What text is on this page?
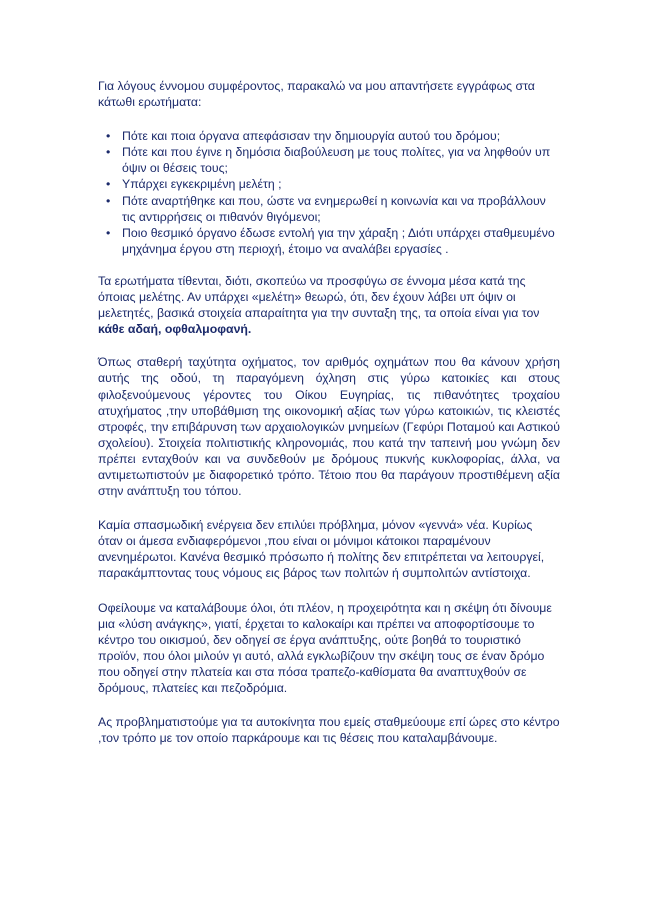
Για λόγους έννομου συμφέροντος, παρακαλώ να μου απαντήσετε εγγράφως στα κάτωθι ερωτήματα:

• Πότε και ποια όργανα απεφάσισαν την δημιουργία αυτού του δρόμου;
• Πότε και που έγινε η δημόσια διαβούλευση με τους πολίτες, για να ληφθούν υπ όψιν οι θέσεις τους;
• Υπάρχει εγκεκριμένη μελέτη ;
• Πότε αναρτήθηκε και που, ώστε να ενημερωθεί η κοινωνία και να προβάλλουν τις αντιρρήσεις οι πιθανόν θιγόμενοι;
• Ποιο θεσμικό όργανο έδωσε εντολή για την χάραξη ; Διότι υπάρχει σταθμευμένο μηχάνημα έργου στη περιοχή, έτοιμο να αναλάβει εργασίες .

Τα ερωτήματα τίθενται, διότι, σκοπεύω να προσφύγω σε έννομα μέσα κατά της όποιας μελέτης. Αν υπάρχει «μελέτη» θεωρώ, ότι, δεν έχουν λάβει υπ όψιν οι μελετητές, βασικά στοιχεία απαραίτητα για την συνταξη της, τα οποία είναι για τον κάθε αδαή, οφθαλμοφανή.

Όπως σταθερή ταχύτητα οχήματος, τον αριθμός οχημάτων που θα κάνουν χρήση αυτής της οδού, τη παραγόμενη όχληση στις γύρω κατοικίες και στους φιλοξενούμενους γέροντες του Οίκου Ευγηρίας, τις πιθανότητες τροχαίου ατυχήματος ,την υποβάθμιση της οικονομική αξίας των γύρω κατοικιών, τις κλειστές στροφές, την επιβάρυνση των αρχαιολογικών μνημείων (Γεφύρι Ποταμού και Αστικού σχολείου). Στοιχεία πολιτιστικής κληρονομιάς, που κατά την ταπεινή μου γνώμη δεν πρέπει ενταχθούν και να συνδεθούν με δρόμους πυκνής κυκλοφορίας, άλλα, να αντιμετωπιστούν με διαφορετικό τρόπο. Τέτοιο που θα παράγουν προστιθέμενη αξία στην ανάπτυξη του τόπου.

Καμία σπασμωδική ενέργεια δεν επιλύει πρόβλημα, μόνον «γεννά» νέα. Κυρίως όταν οι άμεσα ενδιαφερόμενοι ,που είναι οι μόνιμοι κάτοικοι παραμένουν ανενημέρωτοι. Κανένα θεσμικό πρόσωπο ή πολίτης δεν επιτρέπεται να λειτουργεί, παρακάμπτοντας τους νόμους εις βάρος των πολιτών ή συμπολιτών αντίστοιχα.

Οφείλουμε να καταλάβουμε όλοι, ότι πλέον, η προχειρότητα και η σκέψη ότι δίνουμε μια «λύση ανάγκης», γιατί, έρχεται το καλοκαίρι και πρέπει να αποφορτίσουμε το κέντρο του οικισμού, δεν οδηγεί σε έργα ανάπτυξης, ούτε βοηθά το τουριστικό προϊόν, που όλοι μιλούν γι αυτό, αλλά εγκλωβίζουν την σκέψη τους σε έναν δρόμο που οδηγεί στην πλατεία και στα πόσα τραπεζο-καθίσματα θα αναπτυχθούν σε δρόμους, πλατείες και πεζοδρόμια.

Ας προβληματιστούμε για τα αυτοκίνητα που εμείς σταθμεύουμε επί ώρες στο κέντρο ,τον τρόπο με τον οποίο παρκάρουμε και τις θέσεις που καταλαμβάνουμε.
